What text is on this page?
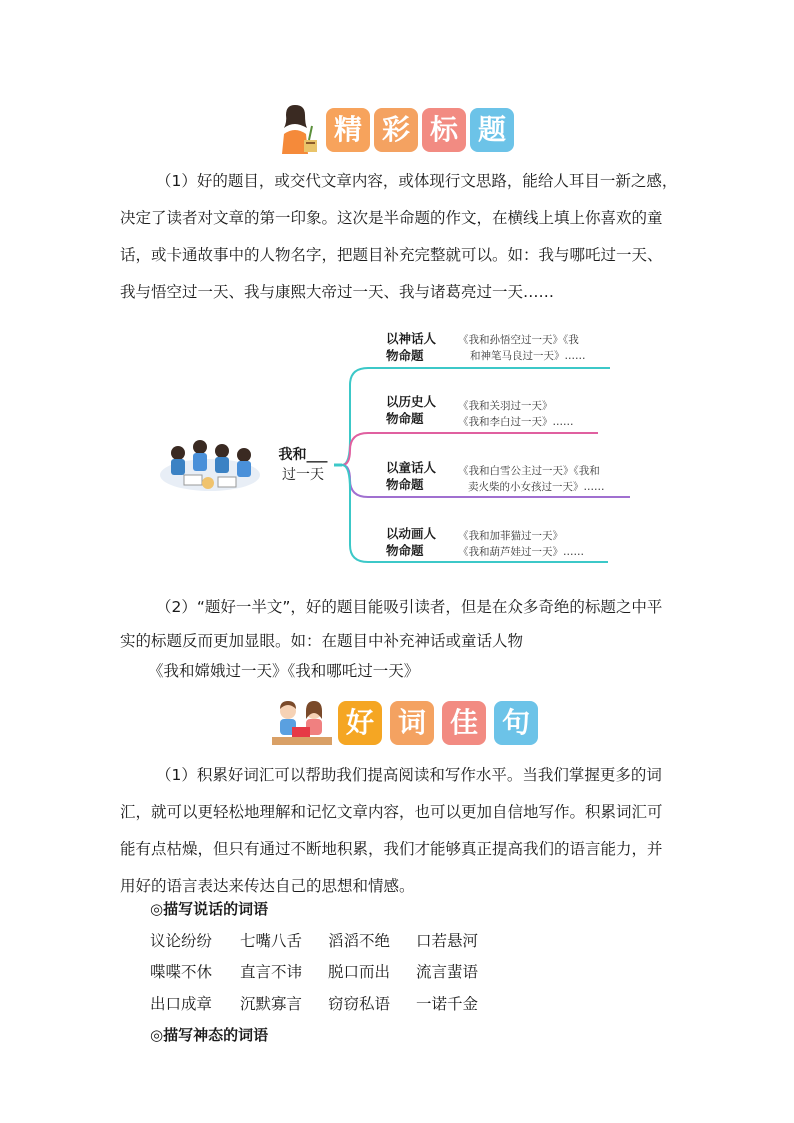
精 彩 标 题
（1）好的题目，或交代文章内容，或体现行文思路，能给人耳目一新之感，
决定了读者对文章的第一印象。这次是半命题的作文，在横线上填上你喜欢的童
话，或卡通故事中的人物名字，把题目补充完整就可以。如：我与哪吒过一天、
我与悟空过一天、我与康熙大帝过一天、我与诸葛亮过一天……
我和___
过一天
以神话人
物命题
《我和孙悟空过一天》《我
和神笔马良过一天》……
以历史人
物命题
《我和关羽过一天》
《我和李白过一天》……
以童话人
物命题
《我和白雪公主过一天》《我和
卖火柴的小女孩过一天》……
以动画人
物命题
《我和加菲猫过一天》
《我和葫芦娃过一天》……
（2）“题好一半文”，好的题目能吸引读者，但是在众多奇绝的标题之中平
实的标题反而更加显眼。如：在题目中补充神话或童话人物
《我和嫦娥过一天》《我和哪吒过一天》
好 词 佳 句
（1）积累好词汇可以帮助我们提高阅读和写作水平。当我们掌握更多的词
汇，就可以更轻松地理解和记忆文章内容，也可以更加自信地写作。积累词汇可
能有点枯燥，但只有通过不断地积累，我们才能够真正提高我们的语言能力，并
用好的语言表达来传达自己的思想和情感。
◎描写说话的词语
议论纷纷 七嘴八舌 滔滔不绝 口若悬河
喋喋不休 直言不讳 脱口而出 流言蜚语
出口成章 沉默寡言 窃窃私语 一诺千金
◎描写神态的词语
